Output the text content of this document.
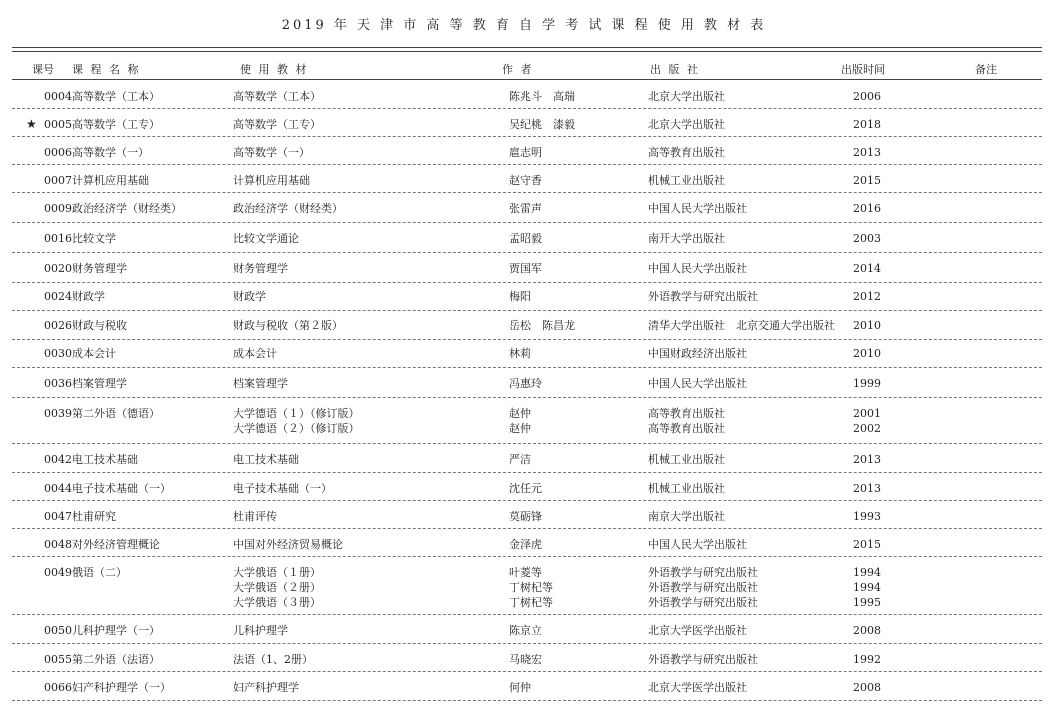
2019 年 天 津 市 高 等 教 育 自 学 考 试 课 程 使 用 教 材 表
课号 课 程 名 称	使 用 教 材	作 者	出 版 社	出版时间	备注
0004 高等数学（工本）	高等数学（工本）	陈兆斗　高瑞	北京大学出版社	2006
★ 0005 高等数学（工专）	高等数学（工专）	吴纪桃　漆毅	北京大学出版社	2018
0006 高等数学（一）	高等数学（一）	扈志明	高等教育出版社	2013
0007 计算机应用基础	计算机应用基础	赵守香	机械工业出版社	2015
0009 政治经济学（财经类）	政治经济学（财经类）	张雷声	中国人民大学出版社	2016
0016 比较文学	比较文学通论	孟昭毅	南开大学出版社	2003
0020 财务管理学	财务管理学	贾国军	中国人民大学出版社	2014
0024 财政学	财政学	梅阳	外语教学与研究出版社	2012
0026 财政与税收	财政与税收（第２版）	岳松　陈昌龙	清华大学出版社　北京交通大学出版社 2010
0030 成本会计	成本会计	林莉	中国财政经济出版社	2010
0036 档案管理学	档案管理学	冯惠玲	中国人民大学出版社	1999
0039 第二外语（德语）	大学德语（１）（修订版）	赵仲	高等教育出版社	2001
大学德语（２）（修订版）	赵仲	高等教育出版社	2002
0042 电工技术基础	电工技术基础	严洁	机械工业出版社	2013
0044 电子技术基础（一）	电子技术基础（一）	沈任元	机械工业出版社	2013
0047 杜甫研究	杜甫评传	莫砺锋	南京大学出版社	1993
0048 对外经济管理概论	中国对外经济贸易概论	金泽虎	中国人民大学出版社	2015
0049 俄语（二）	大学俄语（１册）	叶菱等	外语教学与研究出版社	1994
大学俄语（２册）	丁树杞等	外语教学与研究出版社	1994
大学俄语（３册）	丁树杞等	外语教学与研究出版社	1995
0050 儿科护理学（一）	儿科护理学	陈京立	北京大学医学出版社	2008
0055 第二外语（法语）	法语（1、2册）	马晓宏	外语教学与研究出版社	1992
0066 妇产科护理学（一）	妇产科护理学	何仲	北京大学医学出版社	2008
